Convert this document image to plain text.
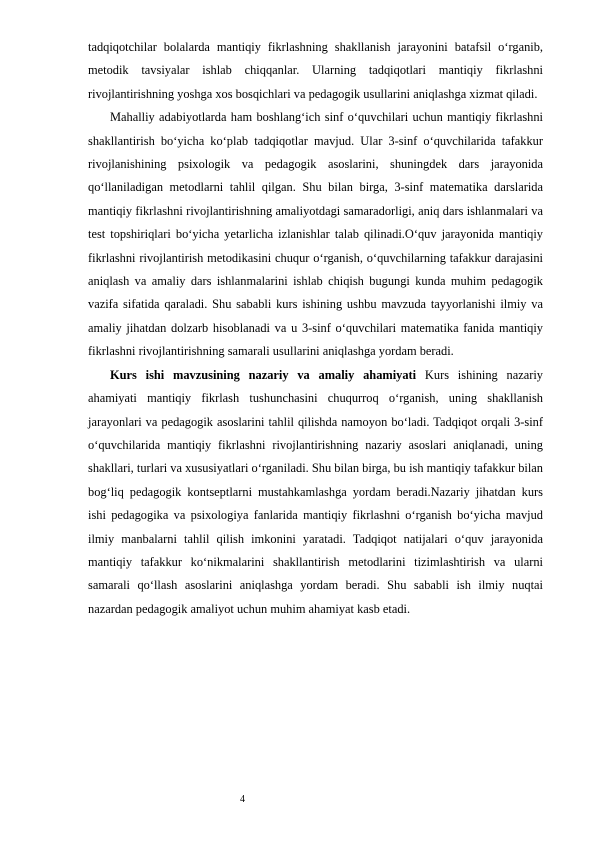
tadqiqotchilar bolalarda mantiqiy fikrlashning shakllanish jarayonini batafsil o‘rganib, metodik tavsiyalar ishlab chiqqanlar. Ularning tadqiqotlari mantiqiy fikrlashni rivojlantirishning yoshga xos bosqichlari va pedagogik usullarini aniqlashga xizmat qiladi.

Mahalliy adabiyotlarda ham boshlang‘ich sinf o‘quvchilari uchun mantiqiy fikrlashni shakllantirish bo‘yicha ko‘plab tadqiqotlar mavjud. Ular 3-sinf o‘quvchilarida tafakkur rivojlanishining psixologik va pedagogik asoslarini, shuningdek dars jarayonida qo‘llaniladigan metodlarni tahlil qilgan. Shu bilan birga, 3-sinf matematika darslarida mantiqiy fikrlashni rivojlantirishning amaliyotdagi samaradorligi, aniq dars ishlanmalari va test topshiriqlari bo‘yicha yetarlicha izlanishlar talab qilinadi.O‘quv jarayonida mantiqiy fikrlashni rivojlantirish metodikasini chuqur o‘rganish, o‘quvchilarning tafakkur darajasini aniqlash va amaliy dars ishlanmalarini ishlab chiqish bugungi kunda muhim pedagogik vazifa sifatida qaraladi. Shu sababli kurs ishining ushbu mavzuda tayyorlanishi ilmiy va amaliy jihatdan dolzarb hisoblanadi va u 3-sinf o‘quvchilari matematika fanida mantiqiy fikrlashni rivojlantirishning samarali usullarini aniqlashga yordam beradi.

Kurs ishi mavzusining nazariy va amaliy ahamiyati Kurs ishining nazariy ahamiyati mantiqiy fikrlash tushunchasini chuqurroq o‘rganish, uning shakllanish jarayonlari va pedagogik asoslarini tahlil qilishda namoyon bo‘ladi. Tadqiqot orqali 3-sinf o‘quvchilarida mantiqiy fikrlashni rivojlantirishning nazariy asoslari aniqlanadi, uning shakllari, turlari va xususiyatlari o‘rganiladi. Shu bilan birga, bu ish mantiqiy tafakkur bilan bog‘liq pedagogik kontseptlarni mustahkamlashga yordam beradi.Nazariy jihatdan kurs ishi pedagogika va psixologiya fanlarida mantiqiy fikrlashni o‘rganish bo‘yicha mavjud ilmiy manbalarni tahlil qilish imkonini yaratadi. Tadqiqot natijalari o‘quv jarayonida mantiqiy tafakkur ko‘nikmalarini shakllantirish metodlarini tizimlashtirish va ularni samarali qo‘llash asoslarini aniqlashga yordam beradi. Shu sababli ish ilmiy nuqtai nazardan pedagogik amaliyot uchun muhim ahamiyat kasb etadi.

4
